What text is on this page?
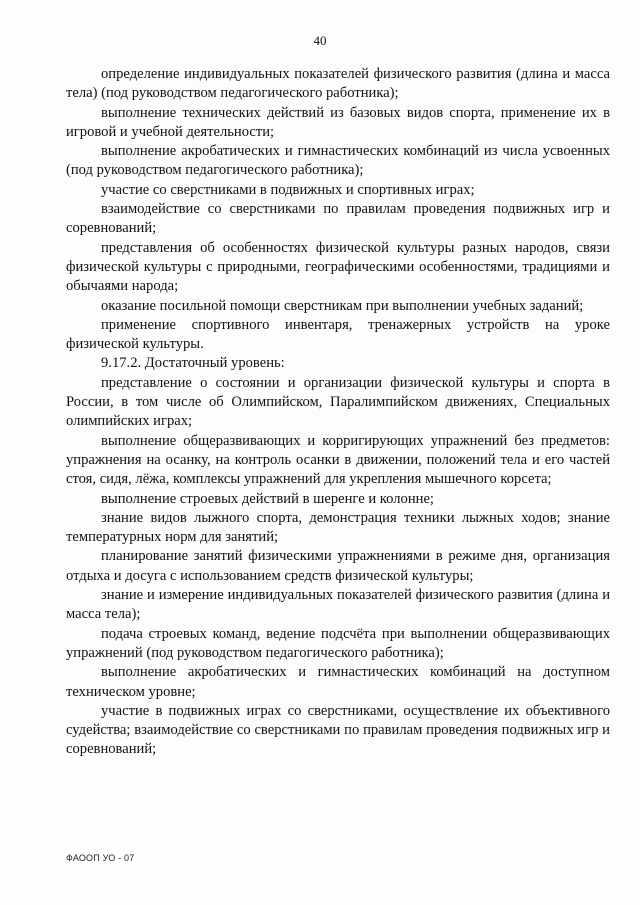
40

определение индивидуальных показателей физического развития (длина и масса тела) (под руководством педагогического работника);

выполнение технических действий из базовых видов спорта, применение их в игровой и учебной деятельности;

выполнение акробатических и гимнастических комбинаций из числа усвоенных (под руководством педагогического работника);

участие со сверстниками в подвижных и спортивных играх;

взаимодействие со сверстниками по правилам проведения подвижных игр и соревнований;

представления об особенностях физической культуры разных народов, связи физической культуры с природными, географическими особенностями, традициями и обычаями народа;

оказание посильной помощи сверстникам при выполнении учебных заданий;

применение спортивного инвентаря, тренажерных устройств на уроке физической культуры.

9.17.2. Достаточный уровень:

представление о состоянии и организации физической культуры и спорта в России, в том числе об Олимпийском, Паралимпийском движениях, Специальных олимпийских играх;

выполнение общеразвивающих и корригирующих упражнений без предметов: упражнения на осанку, на контроль осанки в движении, положений тела и его частей стоя, сидя, лёжа, комплексы упражнений для укрепления мышечного корсета;

выполнение строевых действий в шеренге и колонне;

знание видов лыжного спорта, демонстрация техники лыжных ходов; знание температурных норм для занятий;

планирование занятий физическими упражнениями в режиме дня, организация отдыха и досуга с использованием средств физической культуры;

знание и измерение индивидуальных показателей физического развития (длина и масса тела);

подача строевых команд, ведение подсчёта при выполнении общеразвивающих упражнений (под руководством педагогического работника);

выполнение акробатических и гимнастических комбинаций на доступном техническом уровне;

участие в подвижных играх со сверстниками, осуществление их объективного судейства; взаимодействие со сверстниками по правилам проведения подвижных игр и соревнований;

ФАООП УО - 07
